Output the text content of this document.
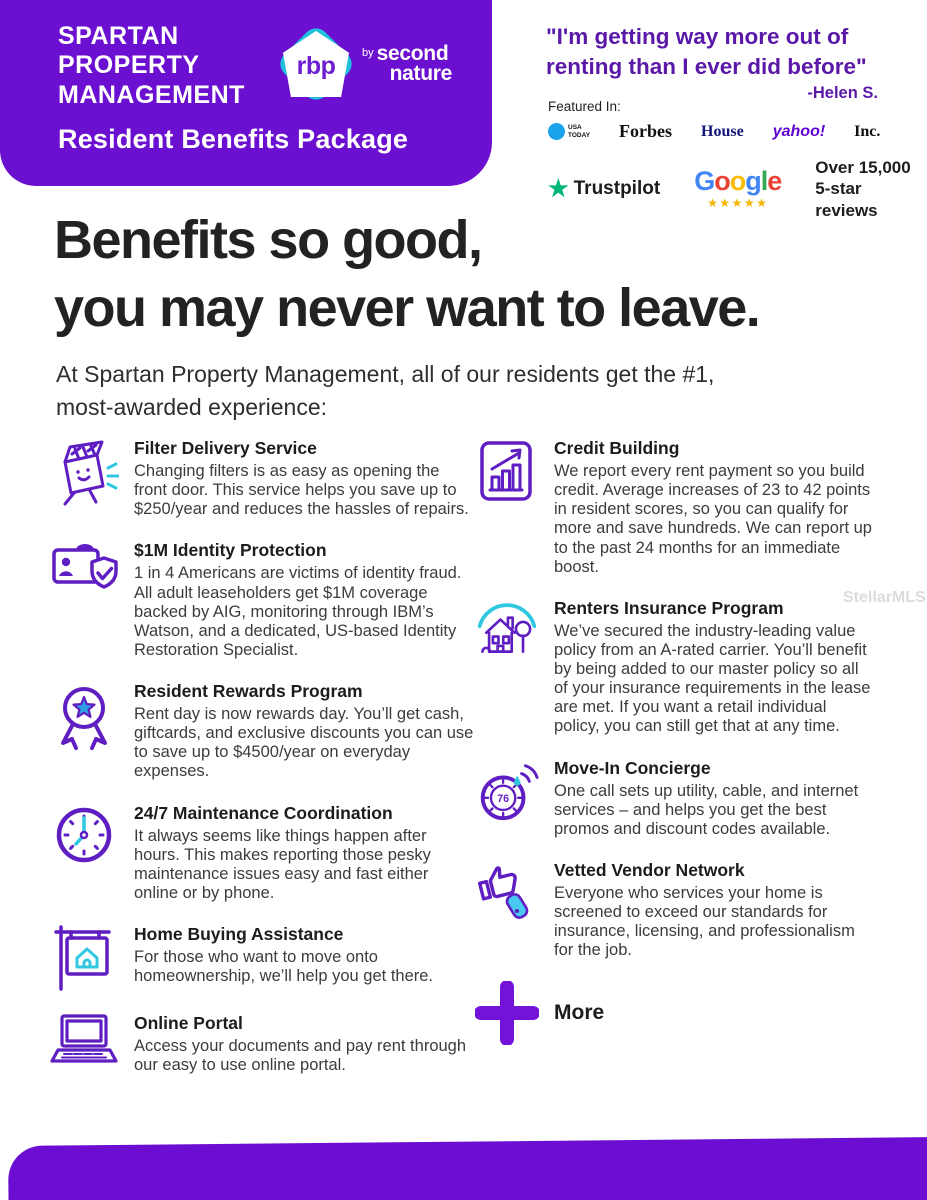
SPARTAN
PROPERTY
MANAGEMENT
rbp	by second
nature
Resident Benefits Package
"I'm getting way more out of
renting than I ever did before"
-Helen S.
Featured In:
USA
TODAY Forbes House yahoo! Inc.
★ Trustpilot Google
★★★★★
Over 15,000
5-star reviews
Benefits so good,
you may never want to leave.

At Spartan Property Management, all of our residents get the #1,
most-awarded experience:

Filter Delivery Service
Changing filters is as easy as opening the front door. This service helps you save up to $250/year and reduces the hassles of repairs.
$1M Identity Protection
1 in 4 Americans are victims of identity fraud. All adult leaseholders get $1M coverage backed by AIG, monitoring through IBM’s Watson, and a dedicated, US-based Identity Restoration Specialist.
Resident Rewards Program
Rent day is now rewards day. You’ll get cash, giftcards, and exclusive discounts you can use to save up to $4500/year on everyday expenses.
24/7 Maintenance Coordination
It always seems like things happen after hours. This makes reporting those pesky maintenance issues easy and fast either online or by phone.
Home Buying Assistance
For those who want to move onto homeownership, we’ll help you get there.
Online Portal
Access your documents and pay rent through our easy to use online portal.
Credit Building
We report every rent payment so you build credit. Average increases of 23 to 42 points in resident scores, so you can qualify for more and save hundreds. We can report up to the past 24 months for an immediate boost.
Renters Insurance Program
We’ve secured the industry-leading value policy from an A-rated carrier. You’ll benefit by being added to our master policy so all of your insurance requirements in the lease are met. If you want a retail individual policy, you can still get that at any time.
76
Move-In Concierge
One call sets up utility, cable, and internet services – and helps you get the best promos and discount codes available.
Vetted Vendor Network
Everyone who services your home is screened to exceed our standards for insurance, licensing, and professionalism for the job.
More
StellarMLS
